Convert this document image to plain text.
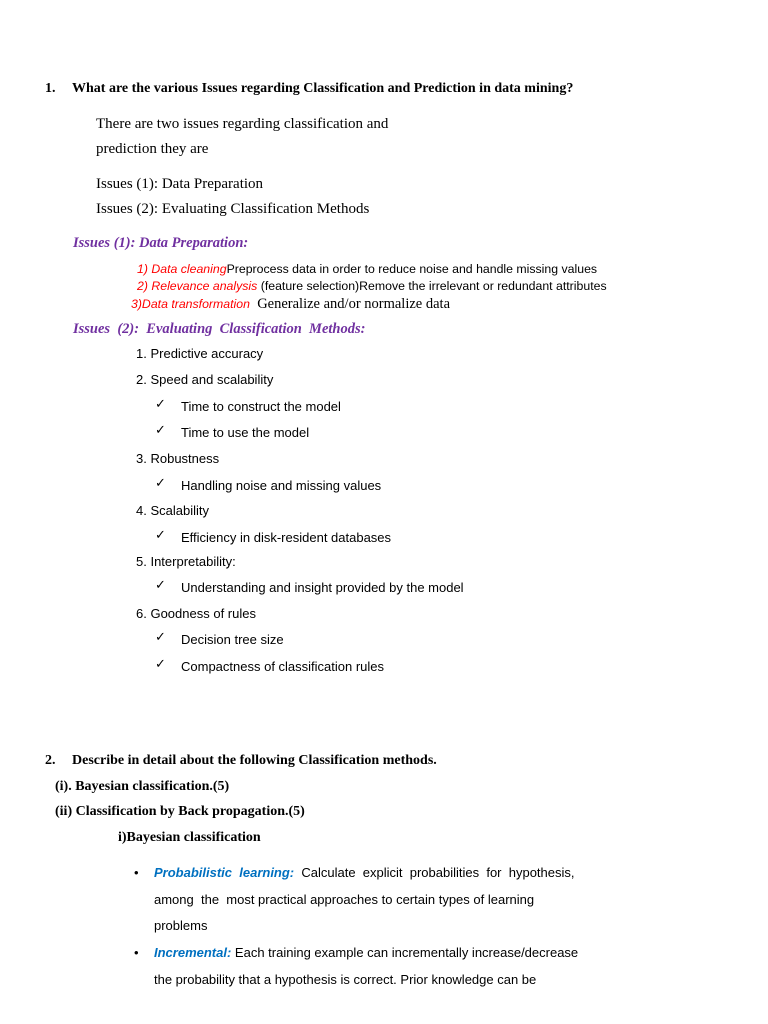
1. What are the various Issues regarding Classification and Prediction in data mining?
There are two issues regarding classification and
prediction they are
Issues (1): Data Preparation
Issues (2): Evaluating Classification Methods
Issues (1): Data Preparation:
1) Data cleaningPreprocess data in order to reduce noise and handle missing values
2) Relevance analysis (feature selection)Remove the irrelevant or redundant attributes
3)Data transformation  Generalize and/or normalize data
Issues  (2):  Evaluating  Classification  Methods:
1. Predictive accuracy
2. Speed and scalability
✓ Time to construct the model
✓ Time to use the model
3. Robustness
✓ Handling noise and missing values
4. Scalability
✓ Efficiency in disk-resident databases
5. Interpretability:
✓ Understanding and insight provided by the model
6. Goodness of rules
✓ Decision tree size
✓ Compactness of classification rules
2. Describe in detail about the following Classification methods.
(i). Bayesian classification.(5)
(ii) Classification by Back propagation.(5)
i)Bayesian classification
• Probabilistic  learning:  Calculate  explicit  probabilities  for  hypothesis,
among  the  most practical approaches to certain types of learning
problems
• Incremental: Each training example can incrementally increase/decrease
the probability that a hypothesis is correct. Prior knowledge can be
